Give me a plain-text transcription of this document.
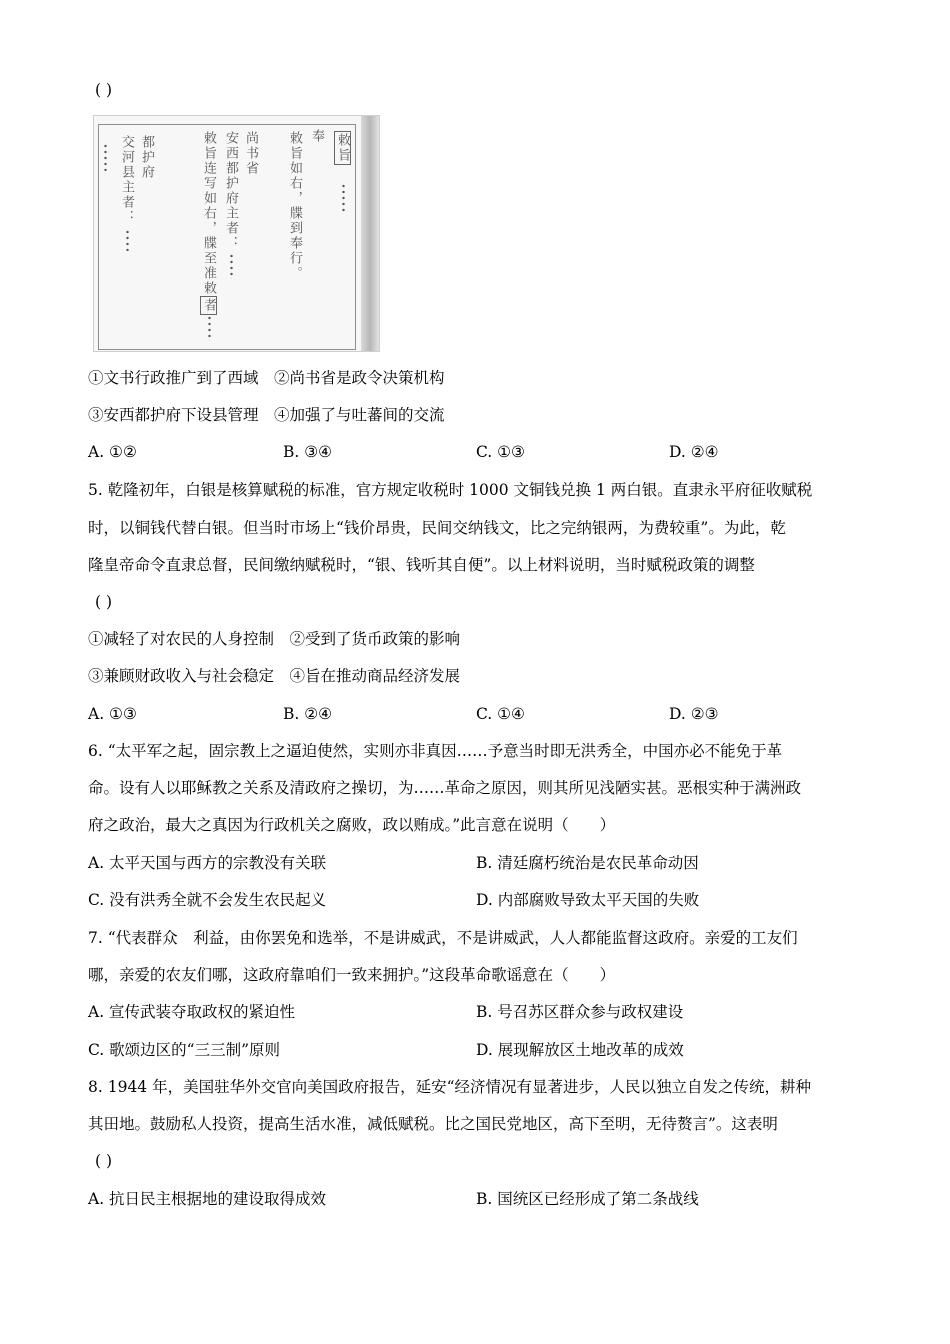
( )
敕旨
奉
敕旨如右，牒到奉行。
尚书省
安西都护府主者：
敕旨连写如右，牒至准敕者
都护府
交河县主者：
①文书行政推广到了西域　②尚书省是政令决策机构
③安西都护府下设县管理　④加强了与吐蕃间的交流
A. ①②	B. ③④	C. ①③	D. ②④
5. 乾隆初年，白银是核算赋税的标准，官方规定收税时 1000 文铜钱兑换 1 两白银。直隶永平府征收赋税
时，以铜钱代替白银。但当时市场上“钱价昂贵，民间交纳钱文，比之完纳银两，为费较重”。为此，乾
隆皇帝命令直隶总督，民间缴纳赋税时，“银、钱听其自便”。以上材料说明，当时赋税政策的调整
( )
①减轻了对农民的人身控制　②受到了货币政策的影响
③兼顾财政收入与社会稳定　④旨在推动商品经济发展
A. ①③	B. ②④	C. ①④	D. ②③
6. “太平军之起，固宗教上之逼迫使然，实则亦非真因……予意当时即无洪秀全，中国亦必不能免于革
命。设有人以耶稣教之关系及清政府之操切，为……革命之原因，则其所见浅陋实甚。恶根实种于满洲政
府之政治，最大之真因为行政机关之腐败，政以贿成。”此言意在说明（　　）
A. 太平天国与西方的宗教没有关联	B. 清廷腐朽统治是农民革命动因
C. 没有洪秀全就不会发生农民起义	D. 内部腐败导致太平天国的失败
7. “代表群众　利益，由你罢免和选举，不是讲威武，不是讲威武，人人都能监督这政府。亲爱的工友们
哪，亲爱的农友们哪，这政府靠咱们一致来拥护。”这段革命歌谣意在（　　）
A. 宣传武装夺取政权的紧迫性	B. 号召苏区群众参与政权建设
C. 歌颂边区的“三三制”原则	D. 展现解放区土地改革的成效
8. 1944 年，美国驻华外交官向美国政府报告，延安“经济情况有显著进步，人民以独立自发之传统，耕种
其田地。鼓励私人投资，提高生活水准，减低赋税。比之国民党地区，高下至明，无待赘言”。这表明
( )
A. 抗日民主根据地的建设取得成效	B. 国统区已经形成了第二条战线
